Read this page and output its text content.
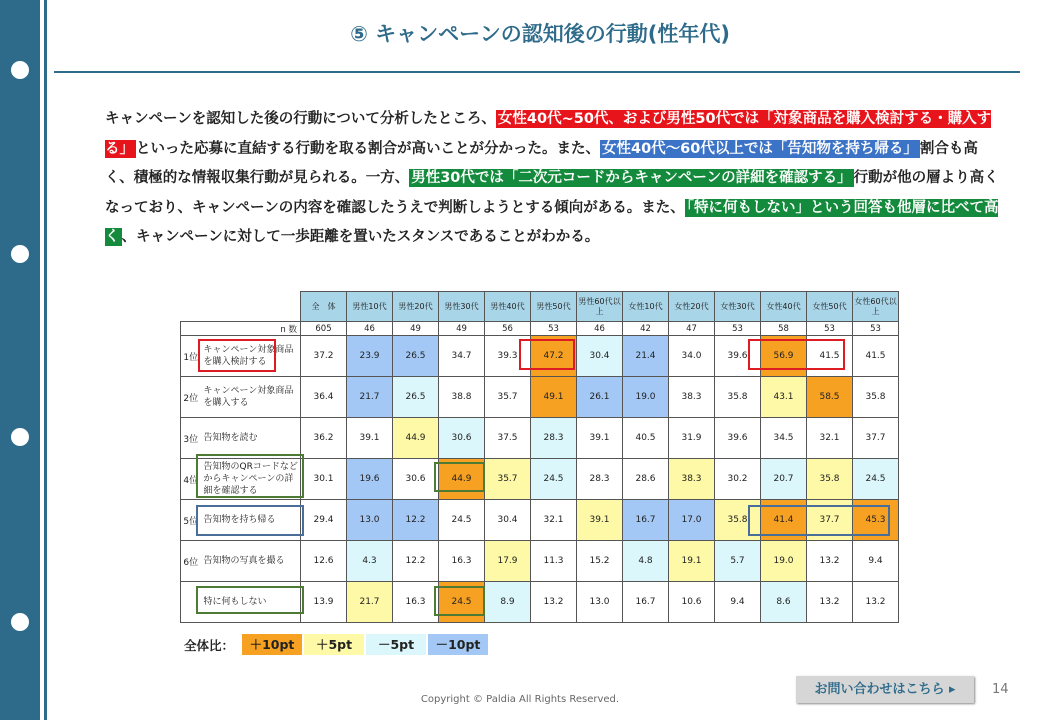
⑤ キャンペーンの認知後の行動(性年代)
キャンペーンを認知した後の行動について分析したところ、 女性40代~50代、および男性50代では「対象商品を購入検討する・購入する」 といった応募に直結する行動を取る割合が高いことが分かった。また、 女性40代～60代以上では「告知物を持ち帰る」 割合も高く、積極的な情報収集行動が見られる。一方、 男性30代では「二次元コードからキャンペーンの詳細を確認する」 行動が他の層より高くなっており、キャンペーンの内容を確認したうえで判断しようとする傾向がある。また、 「特に何もしない」という回答も他層に比べて高く 、キャンペーンに対して一歩距離を置いたスタンスであることがわかる。
		全　体	男性10代	男性20代	男性30代	男性40代	男性50代	男性60代以上	女性10代	女性20代	女性30代	女性40代	女性50代	女性60代以上
n 数		605	46	49	49	56	53	46	42	47	53	58	53	53
1位	キャンペーン対象商品を購入検討する	37.2	23.9	26.5	34.7	39.3	47.2	30.4	21.4	34.0	39.6	56.9	41.5	41.5
2位	キャンペーン対象商品を購入する	36.4	21.7	26.5	38.8	35.7	49.1	26.1	19.0	38.3	35.8	43.1	58.5	35.8
3位	告知物を読む	36.2	39.1	44.9	30.6	37.5	28.3	39.1	40.5	31.9	39.6	34.5	32.1	37.7
4位	告知物のQRコードなどからキャンペーンの詳細を確認する	30.1	19.6	30.6	44.9	35.7	24.5	28.3	28.6	38.3	30.2	20.7	35.8	24.5
5位	告知物を持ち帰る	29.4	13.0	12.2	24.5	30.4	32.1	39.1	16.7	17.0	35.8	41.4	37.7	45.3
6位	告知物の写真を撮る	12.6	4.3	12.2	16.3	17.9	11.3	15.2	4.8	19.1	5.7	19.0	13.2	9.4
	特に何もしない	13.9	21.7	16.3	24.5	8.9	13.2	13.0	16.7	10.6	9.4	8.6	13.2	13.2
全体比：	＋10pt	＋5pt	－5pt	－10pt
お問い合わせはこちら ▸	14
Copyright © Paldia All Rights Reserved.
